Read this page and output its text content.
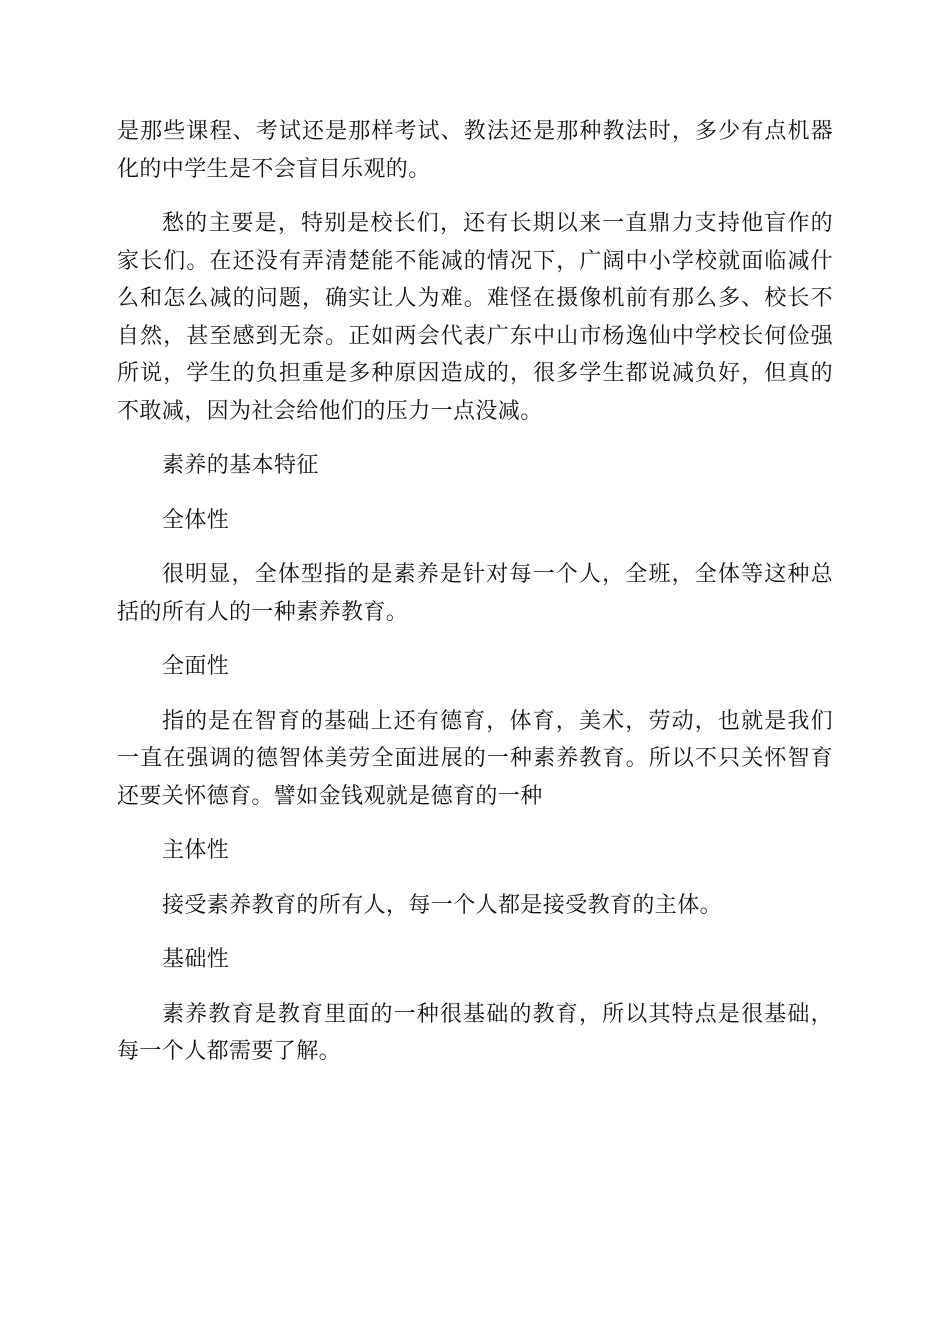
是那些课程、考试还是那样考试、教法还是那种教法时，多少有点机器化的中学生是不会盲目乐观的。

愁的主要是，特别是校长们，还有长期以来一直鼎力支持他盲作的家长们。在还没有弄清楚能不能减的情况下，广阔中小学校就面临减什么和怎么减的问题，确实让人为难。难怪在摄像机前有那么多、校长不自然，甚至感到无奈。正如两会代表广东中山市杨逸仙中学校长何俭强所说，学生的负担重是多种原因造成的，很多学生都说减负好，但真的不敢减，因为社会给他们的压力一点没减。

素养的基本特征

全体性

很明显，全体型指的是素养是针对每一个人，全班，全体等这种总括的所有人的一种素养教育。

全面性

指的是在智育的基础上还有德育，体育，美术，劳动，也就是我们一直在强调的德智体美劳全面进展的一种素养教育。所以不只关怀智育还要关怀德育。譬如金钱观就是德育的一种

主体性

接受素养教育的所有人，每一个人都是接受教育的主体。

基础性

素养教育是教育里面的一种很基础的教育，所以其特点是很基础，每一个人都需要了解。
